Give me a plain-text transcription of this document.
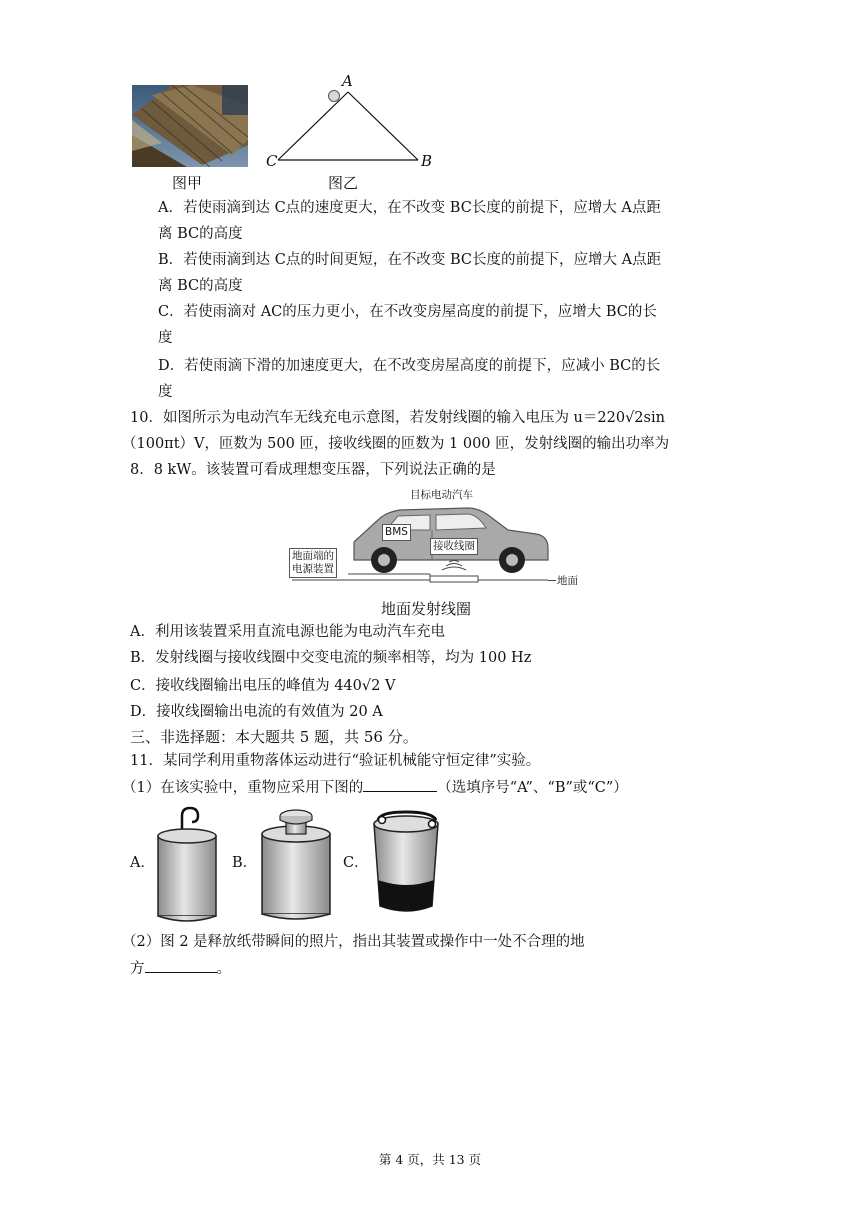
图甲
A
C	B
图乙
A．若使雨滴到达 C点的速度更大，在不改变 BC长度的前提下，应增大 A点距
离 BC的高度
B．若使雨滴到达 C点的时间更短，在不改变 BC长度的前提下，应增大 A点距
离 BC的高度
C．若使雨滴对 AC的压力更小，在不改变房屋高度的前提下，应增大 BC的长
度
D．若使雨滴下滑的加速度更大，在不改变房屋高度的前提下，应减小 BC的长
度
10．如图所示为电动汽车无线充电示意图，若发射线圈的输入电压为 u＝220√2sin
（100πt）V，匝数为 500 匝，接收线圈的匝数为 1 000 匝，发射线圈的输出功率为
8．8 kW。该装置可看成理想变压器，下列说法正确的是
目标电动汽车
BMS
接收线圈
地面端的
电源装置
地面
地面发射线圈
A．利用该装置采用直流电源也能为电动汽车充电
B．发射线圈与接收线圈中交变电流的频率相等，均为 100 Hz
C．接收线圈输出电压的峰值为 440√2 V
D．接收线圈输出电流的有效值为 20 A
三、非选择题：本大题共 5 题，共 56 分。
11．某同学利用重物落体运动进行“验证机械能守恒定律”实验。
（1）在该实验中，重物应采用下图的	（选填序号“A”、“B”或“C”）
A．	B．	C．
（2）图 2 是释放纸带瞬间的照片，指出其装置或操作中一处不合理的地
方	。
第 4 页，共 13 页
